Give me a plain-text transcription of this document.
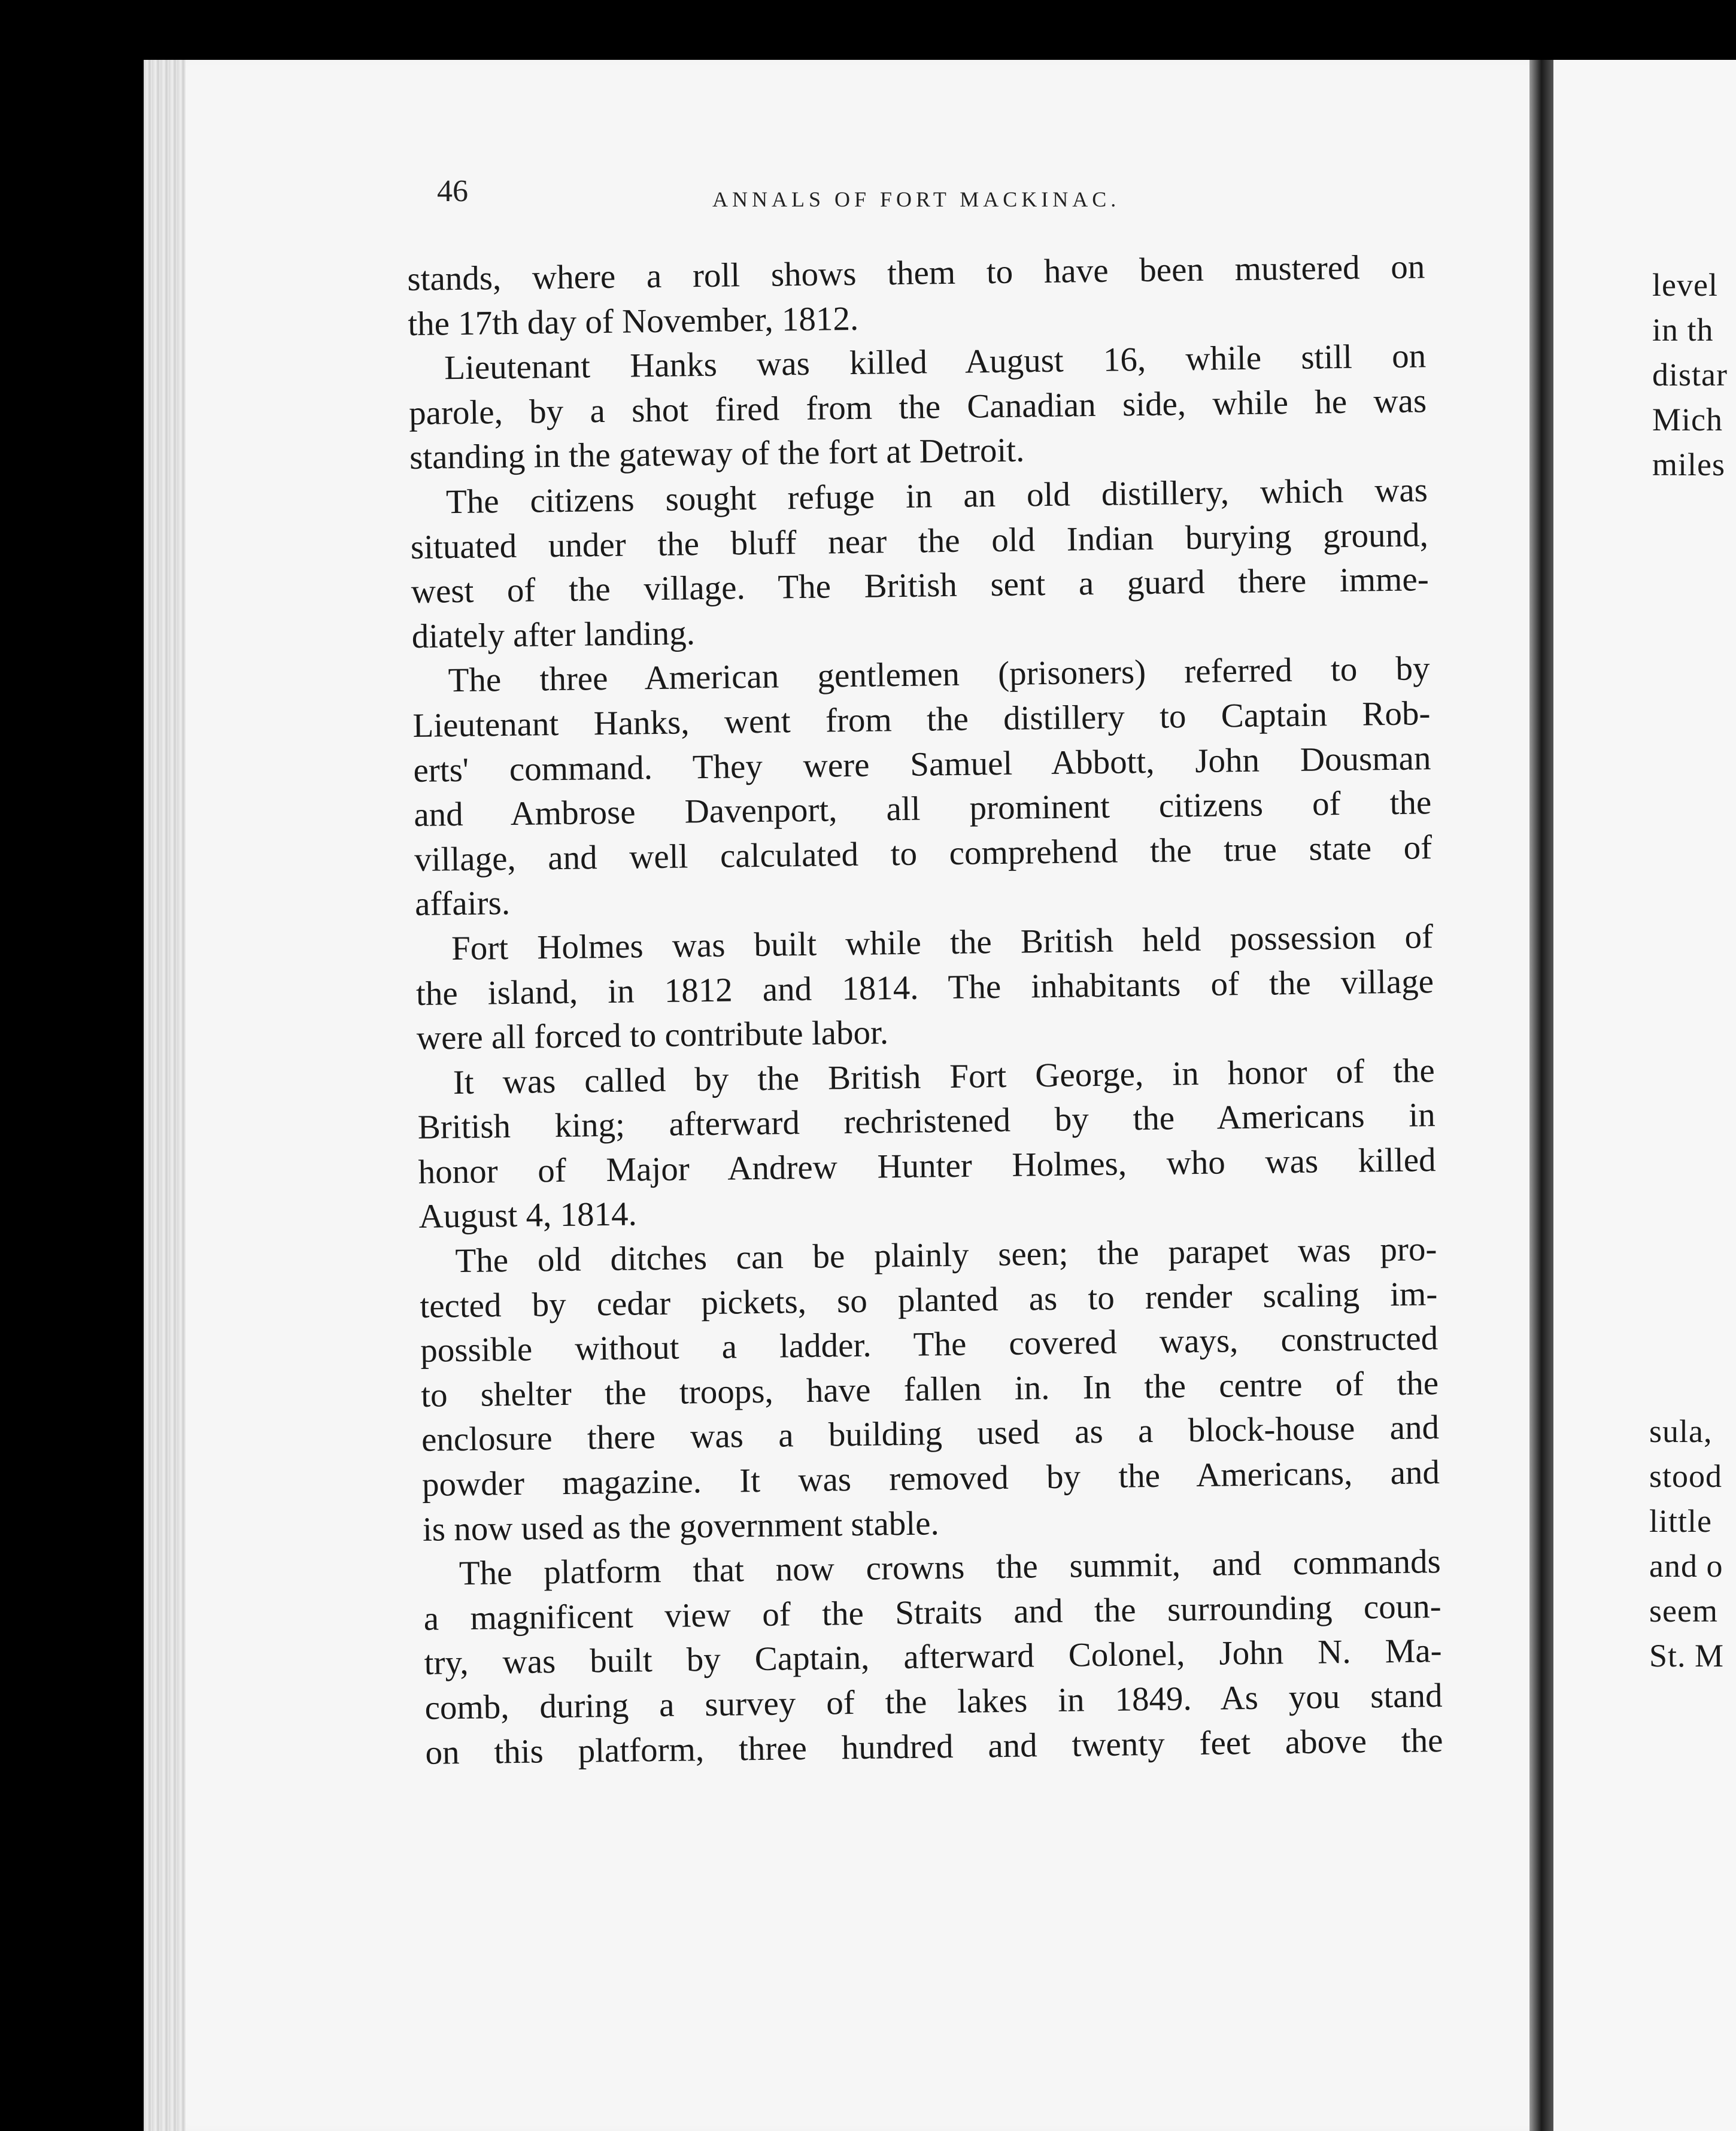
46	ANNALS OF FORT MACKINAC.
stands, where a roll shows them to have been mustered on
the 17th day of November, 1812.
Lieutenant Hanks was killed August 16, while still on
parole, by a shot fired from the Canadian side, while he was
standing in the gateway of the fort at Detroit.
The citizens sought refuge in an old distillery, which was
situated under the bluff near the old Indian burying ground,
west of the village. The British sent a guard there imme-
diately after landing.
The three American gentlemen (prisoners) referred to by
Lieutenant Hanks, went from the distillery to Captain Rob-
erts' command. They were Samuel Abbott, John Dousman
and Ambrose Davenport, all prominent citizens of the
village, and well calculated to comprehend the true state of
affairs.
Fort Holmes was built while the British held possession of
the island, in 1812 and 1814. The inhabitants of the village
were all forced to contribute labor.
It was called by the British Fort George, in honor of the
British king; afterward rechristened by the Americans in
honor of Major Andrew Hunter Holmes, who was killed
August 4, 1814.
The old ditches can be plainly seen; the parapet was pro-
tected by cedar pickets, so planted as to render scaling im-
possible without a ladder. The covered ways, constructed
to shelter the troops, have fallen in. In the centre of the
enclosure there was a building used as a block-house and
powder magazine. It was removed by the Americans, and
is now used as the government stable.
The platform that now crowns the summit, and commands
a magnificent view of the Straits and the surrounding coun-
try, was built by Captain, afterward Colonel, John N. Ma-
comb, during a survey of the lakes in 1849. As you stand
on this platform, three hundred and twenty feet above the
level
in th
distar
Mich
miles
sula,
stood
little
and o
seem
St. M
